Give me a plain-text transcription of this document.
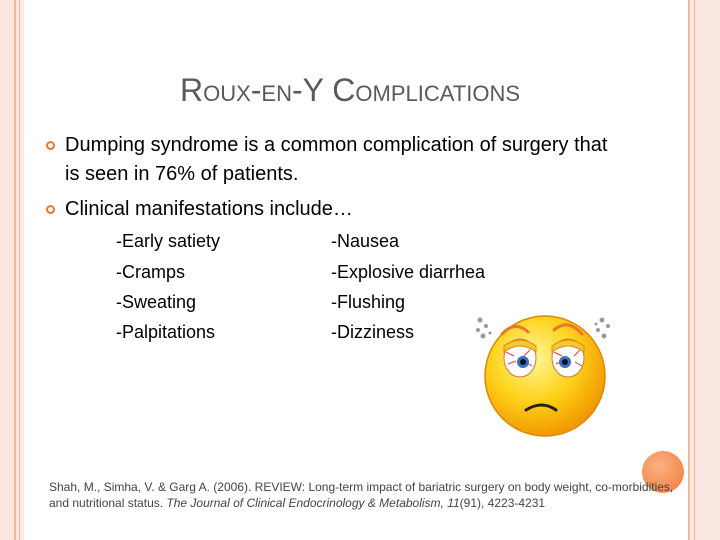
Roux-en-Y Complications
Dumping syndrome is a common complication of surgery that is seen in 76% of patients.
Clinical manifestations include…
-Early satiety	-Nausea
-Cramps	-Explosive diarrhea
-Sweating	-Flushing
-Palpitations	-Dizziness
Shah, M., Simha, V. & Garg A. (2006). REVIEW: Long-term impact of bariatric surgery on body weight, co-morbidities, and nutritional status. The Journal of Clinical Endocrinology & Metabolism, 11(91), 4223-4231
